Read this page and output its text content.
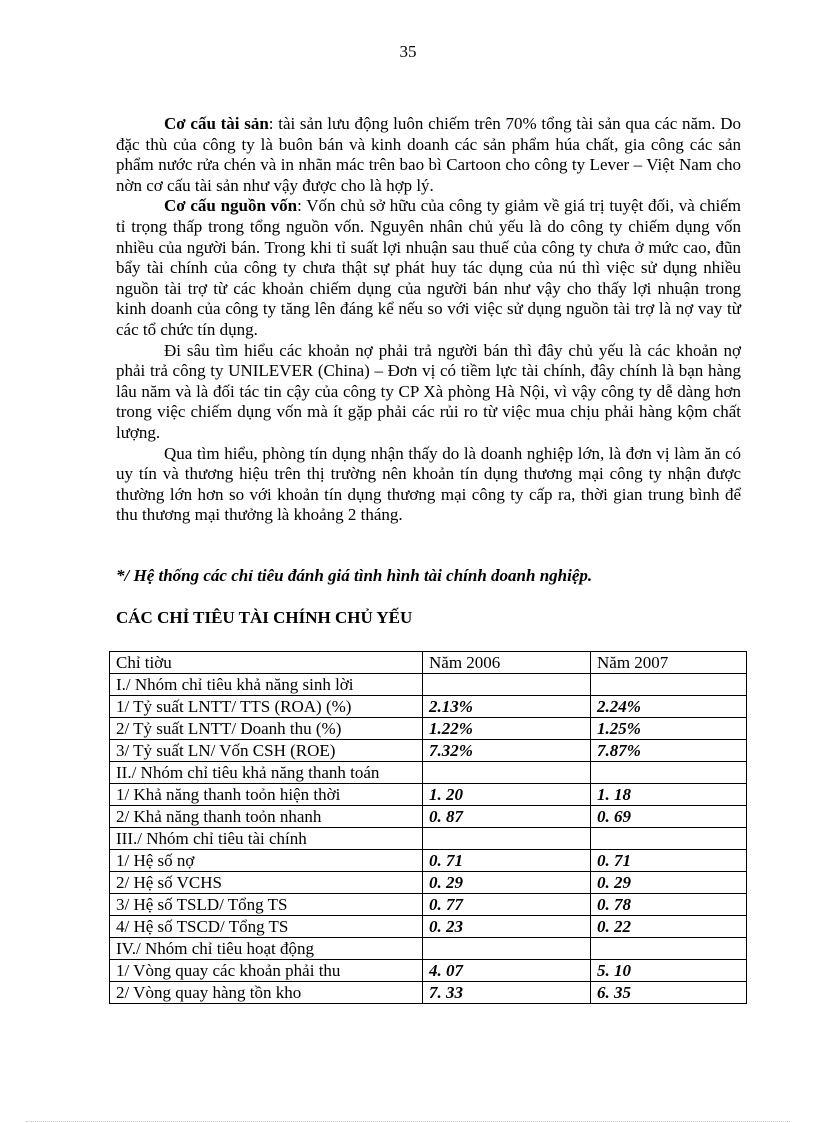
35

Cơ cấu tài sản: tài sản lưu động luôn chiếm trên 70% tổng tài sản qua các năm. Do đặc thù của công ty là buôn bán và kinh doanh các sản phẩm húa chất, gia công các sản phẩm nước rửa chén và in nhãn mác trên bao bì Cartoon cho công ty Lever – Việt Nam cho nờn cơ cấu tài sản như vậy được cho là hợp lý.

Cơ cấu nguồn vốn: Vốn chủ sở hữu của công ty giảm về giá trị tuyệt đối, và chiếm tỉ trọng thấp trong tổng nguồn vốn. Nguyên nhân chủ yếu là do công ty chiếm dụng vốn nhiều của người bán. Trong khi tỉ suất lợi nhuận sau thuế của công ty chưa ở mức cao, đũn bẩy tài chính của công ty chưa thật sự phát huy tác dụng của nú thì việc sử dụng nhiều nguồn tài trợ từ các khoản chiếm dụng của người bán như vậy cho thấy lợi nhuận trong kinh doanh của công ty tăng lên đáng kể nếu so với việc sử dụng nguồn tài trợ là nợ vay từ các tổ chức tín dụng.

Đi sâu tìm hiểu các khoản nợ phải trả người bán thì đây chủ yếu là các khoản nợ phải trả công ty UNILEVER (China) – Đơn vị có tiềm lực tài chính, đây chính là bạn hàng lâu năm và là đối tác tin cậy của công ty CP Xà phòng Hà Nội, vì vậy công ty dễ dàng hơn trong việc chiếm dụng vốn mà ít gặp phải các rủi ro từ việc mua chịu phải hàng kộm chất lượng.

Qua tìm hiểu, phòng tín dụng nhận thấy do là doanh nghiệp lớn, là đơn vị làm ăn có uy tín và thương hiệu trên thị trường nên khoản tín dụng thương mại công ty nhận được thường lớn hơn so với khoản tín dụng thương mại công ty cấp ra, thời gian trung bình để thu thương mại thưởng là khoảng 2 tháng.

*/ Hệ thống các chỉ tiêu đánh giá tình hình tài chính doanh nghiệp.
CÁC CHỈ TIÊU TÀI CHÍNH CHỦ YẾU
Chỉ tiờu	Năm 2006	Năm 2007
I./ Nhóm chỉ tiêu khả năng sinh lời		
1/ Tỷ suất LNTT/ TTS (ROA) (%)	2.13%	2.24%
2/ Tỷ suất LNTT/ Doanh thu (%)	1.22%	1.25%
3/ Tỷ suất LN/ Vốn CSH (ROE)	7.32%	7.87%
II./ Nhóm chỉ tiêu khả năng thanh toán		
1/ Khả năng thanh toỏn hiện thời	1. 20	1. 18
2/ Khả năng thanh toỏn nhanh	0. 87	0. 69
III./ Nhóm chỉ tiêu tài chính		
1/ Hệ số nợ	0. 71	0. 71
2/ Hệ số VCHS	0. 29	0. 29
3/ Hệ số TSLD/ Tổng TS	0. 77	0. 78
4/ Hệ số TSCD/ Tổng TS	0. 23	0. 22
IV./ Nhóm chỉ tiêu hoạt động		
1/ Vòng quay các khoản phải thu	4. 07	5. 10
2/ Vòng quay hàng tồn kho	7. 33	6. 35
